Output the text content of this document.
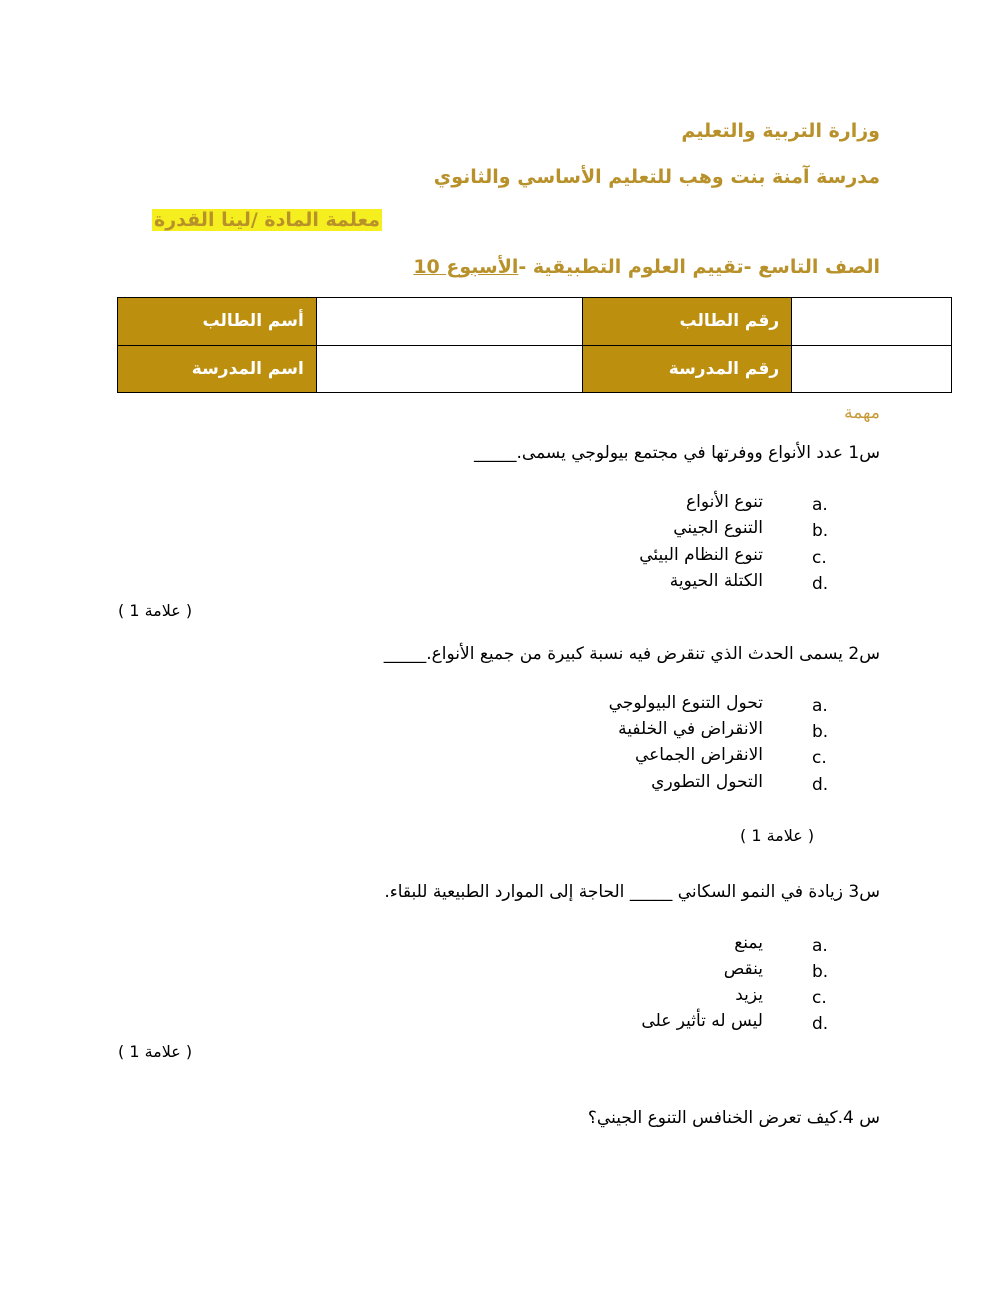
وزارة التربية والتعليم
مدرسة آمنة بنت وهب للتعليم الأساسي والثانوي
معلمة المادة /لينا القدرة
الصف التاسع -تقييم العلوم التطبيقية -الأسبوع 10
أسم الطالب		رقم الطالب	
اسم المدرسة		رقم المدرسة	
مهمة
س1 عدد الأنواع ووفرتها في مجتمع بيولوجي يسمى._____
a.
تنوع الأنواع
b.
التنوع الجيني
c.
تنوع النظام البيئي
d.
الكتلة الحيوية
( علامة 1 )
س2 يسمى الحدث الذي تنقرض فيه نسبة كبيرة من جميع الأنواع._____
a.
تحول التنوع البيولوجي
b.
الانقراض في الخلفية
c.
الانقراض الجماعي
d.
التحول التطوري
( علامة 1 )
س3 زيادة في النمو السكاني _____ الحاجة إلى الموارد الطبيعية للبقاء.
a.
يمنع
b.
ينقص
c.
يزيد
d.
ليس له تأثير على
( علامة 1 )
س 4.كيف تعرض الخنافس التنوع الجيني؟
